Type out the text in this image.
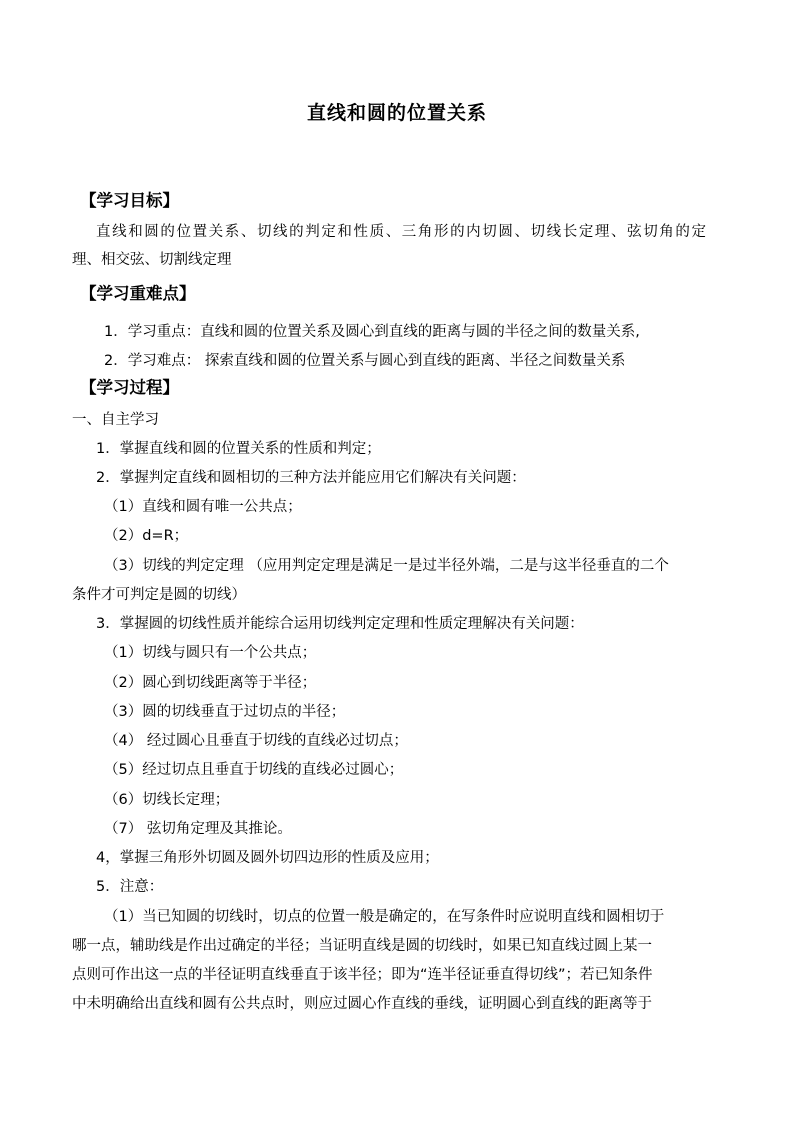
直线和圆的位置关系
【学习目标】
直线和圆的位置关系、切线的判定和性质、三角形的内切圆、切线长定理、弦切角的定
理、相交弦、切割线定理
【学习重难点】
1．学习重点：直线和圆的位置关系及圆心到直线的距离与圆的半径之间的数量关系,
2．学习难点： 探索直线和圆的位置关系与圆心到直线的距离、半径之间数量关系
【学习过程】
一、自主学习
1．掌握直线和圆的位置关系的性质和判定；
2．掌握判定直线和圆相切的三种方法并能应用它们解决有关问题：
（1）直线和圆有唯一公共点；
（2）d=R；
（3）切线的判定定理 （应用判定定理是满足一是过半径外端，二是与这半径垂直的二个
条件才可判定是圆的切线）
3．掌握圆的切线性质并能综合运用切线判定定理和性质定理解决有关问题：
（1）切线与圆只有一个公共点；
（2）圆心到切线距离等于半径；
（3）圆的切线垂直于过切点的半径；
（4） 经过圆心且垂直于切线的直线必过切点；
（5）经过切点且垂直于切线的直线必过圆心；
（6）切线长定理；
（7） 弦切角定理及其推论。
4，掌握三角形外切圆及圆外切四边形的性质及应用；
5．注意：
（1）当已知圆的切线时，切点的位置一般是确定的，在写条件时应说明直线和圆相切于
哪一点，辅助线是作出过确定的半径；当证明直线是圆的切线时，如果已知直线过圆上某一
点则可作出这一点的半径证明直线垂直于该半径；即为“连半径证垂直得切线”；若已知条件
中未明确给出直线和圆有公共点时，则应过圆心作直线的垂线，证明圆心到直线的距离等于
